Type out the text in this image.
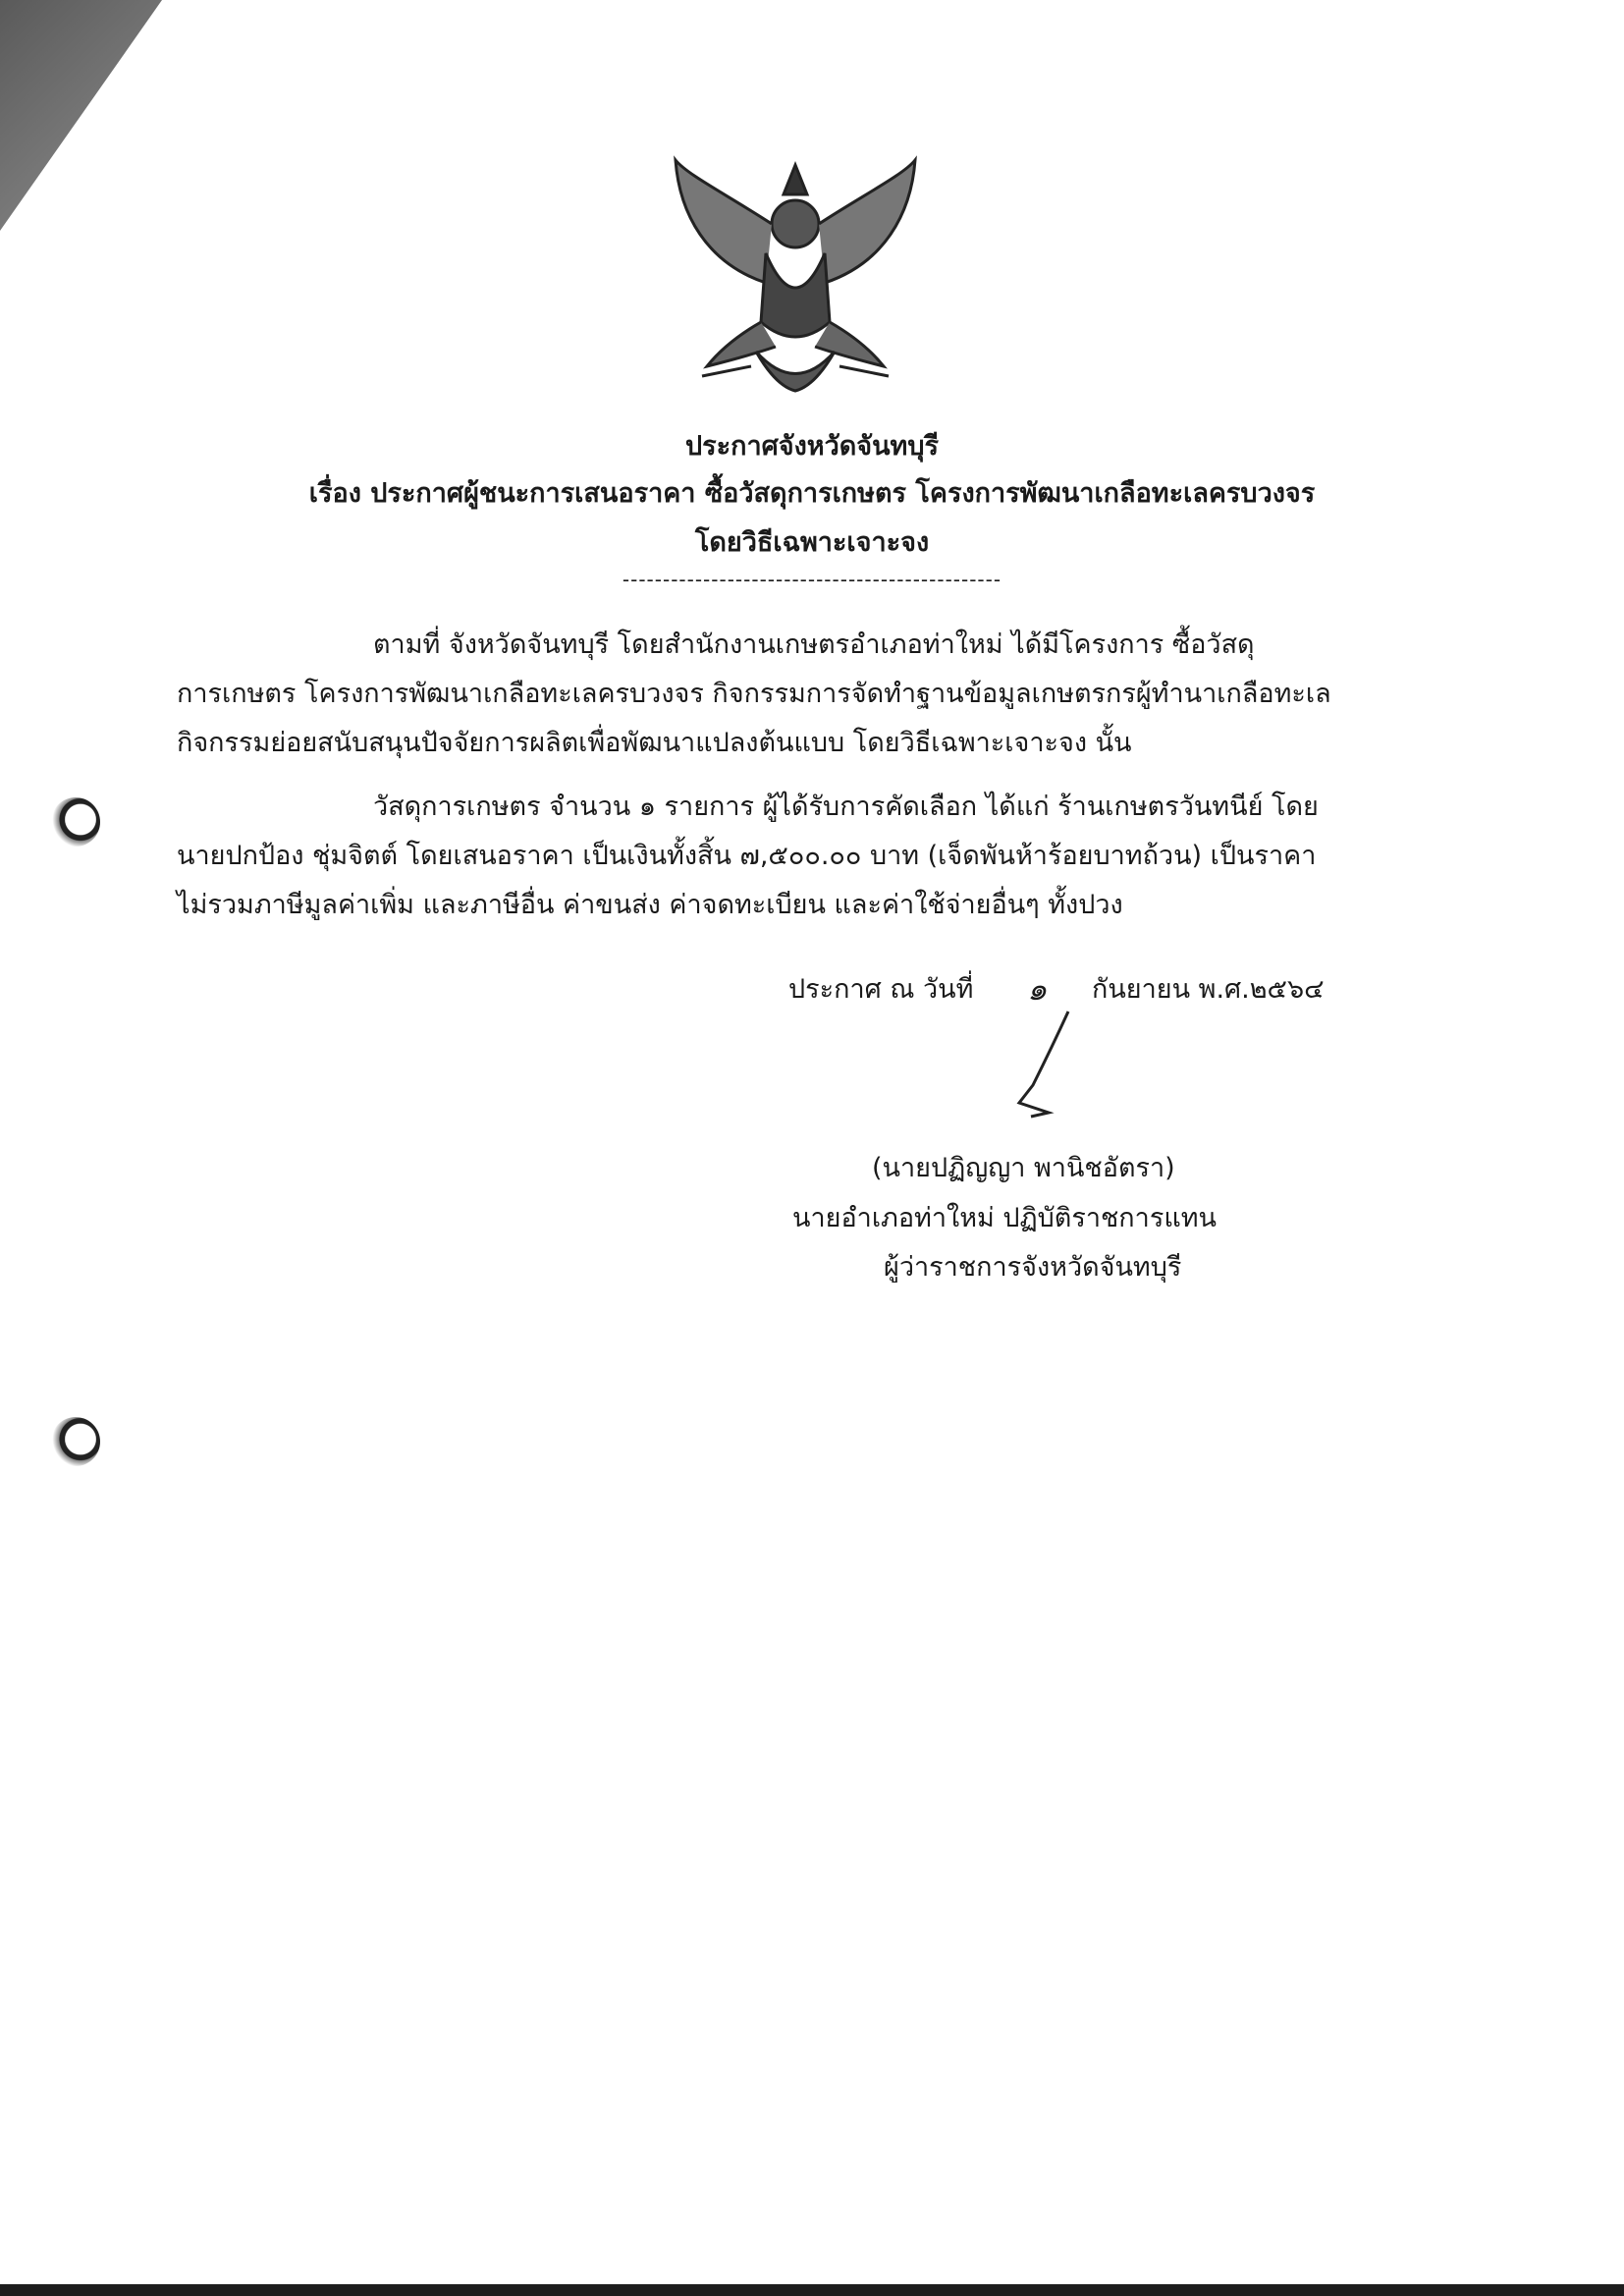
ประกาศจังหวัดจันทบุรี
เรื่อง ประกาศผู้ชนะการเสนอราคา ซื้อวัสดุการเกษตร โครงการพัฒนาเกลือทะเลครบวงจร
โดยวิธีเฉพาะเจาะจง
-----------------------------------------------
ตามที่ จังหวัดจันทบุรี โดยสำนักงานเกษตรอำเภอท่าใหม่ ได้มีโครงการ ซื้อวัสดุ
การเกษตร โครงการพัฒนาเกลือทะเลครบวงจร กิจกรรมการจัดทำฐานข้อมูลเกษตรกรผู้ทำนาเกลือทะเล
กิจกรรมย่อยสนับสนุนปัจจัยการผลิตเพื่อพัฒนาแปลงต้นแบบ โดยวิธีเฉพาะเจาะจง นั้น
วัสดุการเกษตร จำนวน ๑ รายการ ผู้ได้รับการคัดเลือก ได้แก่ ร้านเกษตรวันทนีย์ โดย
นายปกป้อง ชุ่มจิตต์ โดยเสนอราคา เป็นเงินทั้งสิ้น ๗,๕๐๐.๐๐ บาท (เจ็ดพันห้าร้อยบาทถ้วน) เป็นราคา
ไม่รวมภาษีมูลค่าเพิ่ม และภาษีอื่น ค่าขนส่ง ค่าจดทะเบียน และค่าใช้จ่ายอื่นๆ ทั้งปวง
ประกาศ ณ วันที่ ๑ กันยายน พ.ศ.๒๕๖๔
(นายปฏิญญา พานิชอัตรา)
นายอำเภอท่าใหม่ ปฏิบัติราชการแทน
ผู้ว่าราชการจังหวัดจันทบุรี
